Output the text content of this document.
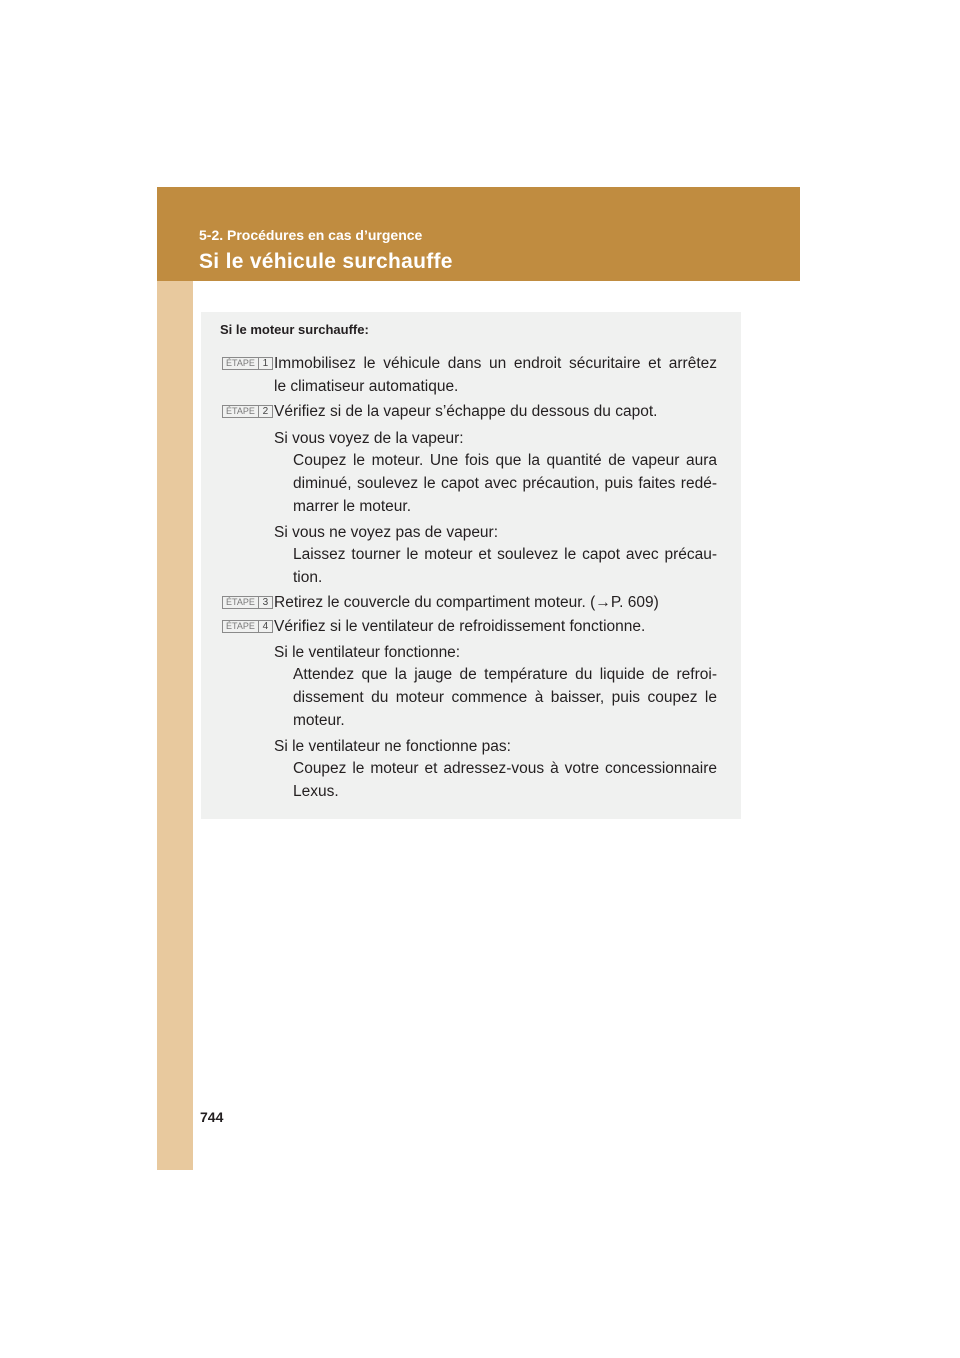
5-2. Procédures en cas d’urgence
Si le véhicule surchauffe
Si le moteur surchauffe:
ÉTAPE 1 Immobilisez le véhicule dans un endroit sécuritaire et arrêtez
le climatiseur automatique.
ÉTAPE 2 Vérifiez si de la vapeur s’échappe du dessous du capot.
Si vous voyez de la vapeur:
Coupez le moteur. Une fois que la quantité de vapeur aura
diminué, soulevez le capot avec précaution, puis faites redé-
marrer le moteur.
Si vous ne voyez pas de vapeur:
Laissez tourner le moteur et soulevez le capot avec précau-
tion.
ÉTAPE 3 Retirez le couvercle du compartiment moteur. (→P. 609)
ÉTAPE 4 Vérifiez si le ventilateur de refroidissement fonctionne.
Si le ventilateur fonctionne:
Attendez que la jauge de température du liquide de refroi-
dissement du moteur commence à baisser, puis coupez le
moteur.
Si le ventilateur ne fonctionne pas:
Coupez le moteur et adressez-vous à votre concessionnaire
Lexus.
744
